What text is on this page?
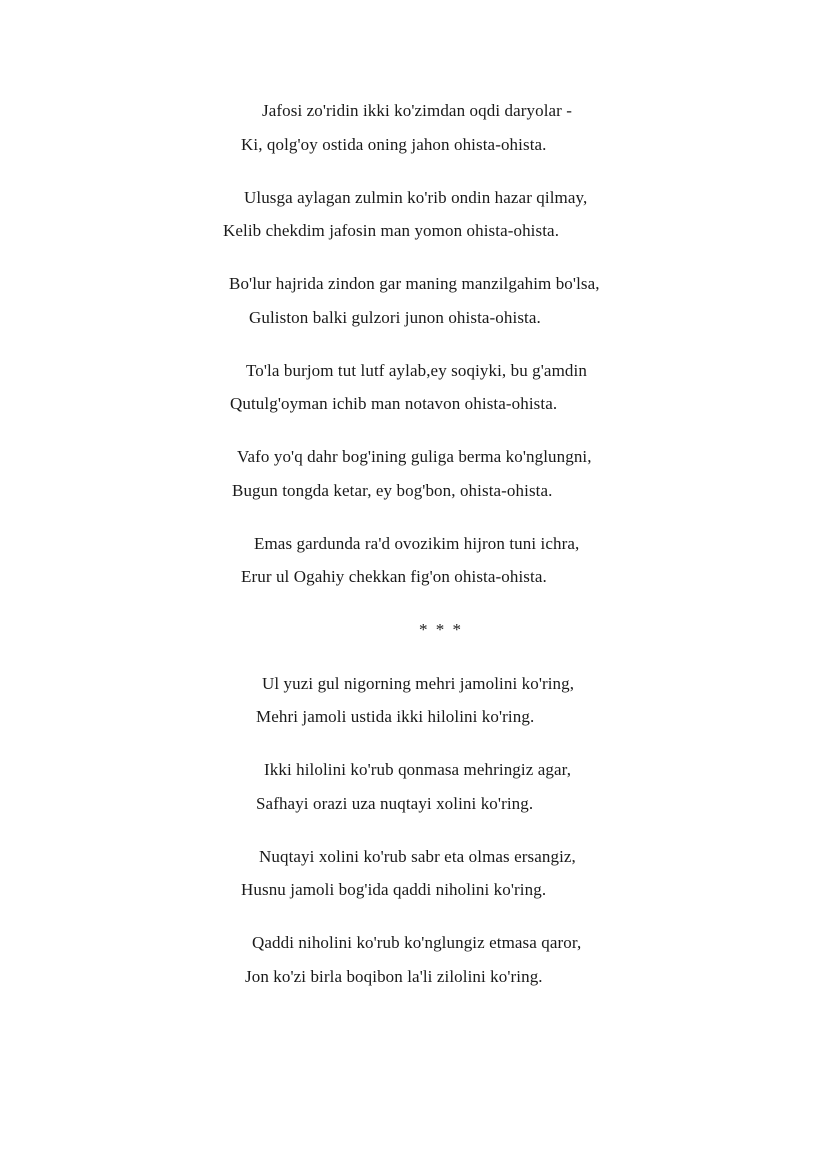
Jafosi zo'ridin ikki ko'zimdan oqdi daryolar -
Ki, qolg'oy ostida oning jahon ohista-ohista.
Ulusga aylagan zulmin ko'rib ondin hazar qilmay,
Kelib chekdim jafosin man yomon ohista-ohista.
Bo'lur hajrida zindon gar maning manzilgahim bo'lsa,
Guliston balki gulzori junon ohista-ohista.
To'la burjom tut lutf aylab,ey soqiyki, bu g'amdin
Qutulg'oyman ichib man notavon ohista-ohista.
Vafo yo'q dahr bog'ining guliga berma ko'nglungni,
Bugun tongda ketar, ey bog'bon, ohista-ohista.
Emas gardunda ra'd ovozikim hijron tuni ichra,
Erur ul Ogahiy chekkan fig'on ohista-ohista.
* * *
Ul yuzi gul nigorning mehri jamolini ko'ring,
Mehri jamoli ustida ikki hilolini ko'ring.
Ikki hilolini ko'rub qonmasa mehringiz agar,
Safhayi orazi uza nuqtayi xolini ko'ring.
Nuqtayi xolini ko'rub sabr eta olmas ersangiz,
Husnu jamoli bog'ida qaddi niholini ko'ring.
Qaddi niholini ko'rub ko'nglungiz etmasa qaror,
Jon ko'zi birla boqibon la'li zilolini ko'ring.
